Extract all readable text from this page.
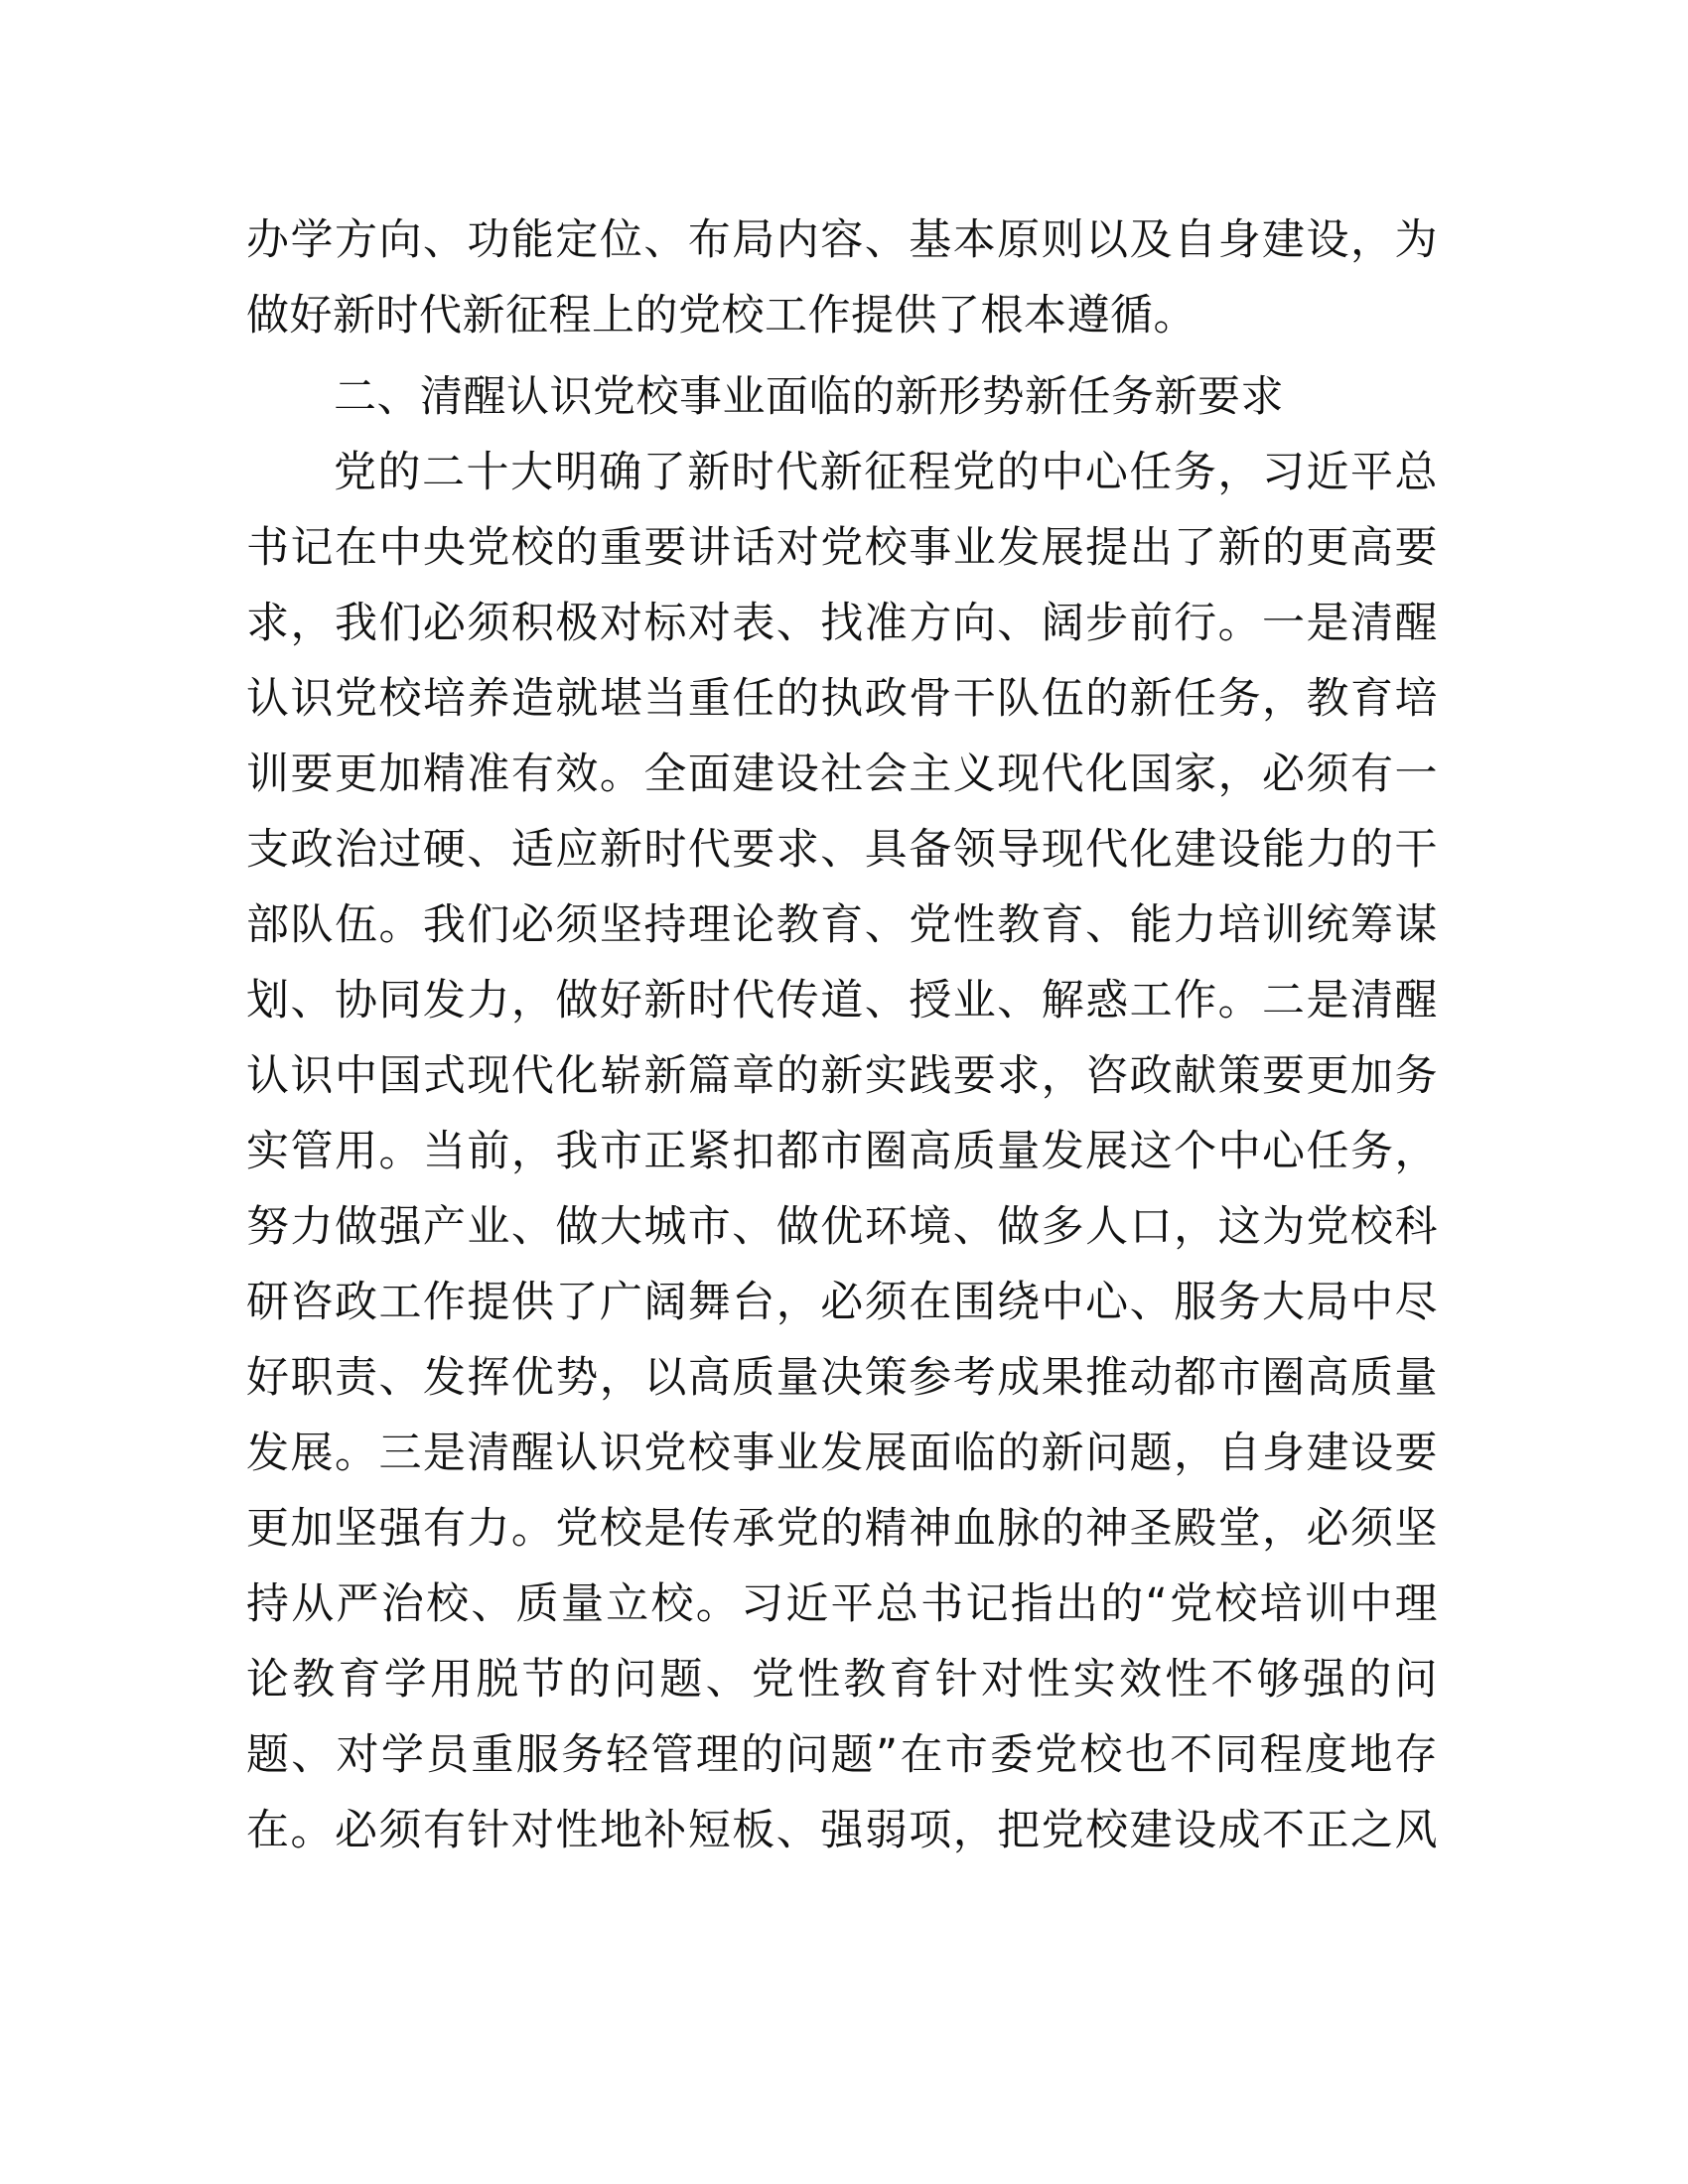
办学方向、功能定位、布局内容、基本原则以及自身建设，为
做好新时代新征程上的党校工作提供了根本遵循。
二、清醒认识党校事业面临的新形势新任务新要求
党的二十大明确了新时代新征程党的中心任务，习近平总
书记在中央党校的重要讲话对党校事业发展提出了新的更高要
求，我们必须积极对标对表、找准方向、阔步前行。一是清醒
认识党校培养造就堪当重任的执政骨干队伍的新任务，教育培
训要更加精准有效。全面建设社会主义现代化国家，必须有一
支政治过硬、适应新时代要求、具备领导现代化建设能力的干
部队伍。我们必须坚持理论教育、党性教育、能力培训统筹谋
划、协同发力，做好新时代传道、授业、解惑工作。二是清醒
认识中国式现代化崭新篇章的新实践要求，咨政献策要更加务
实管用。当前，我市正紧扣都市圈高质量发展这个中心任务，
努力做强产业、做大城市、做优环境、做多人口，这为党校科
研咨政工作提供了广阔舞台，必须在围绕中心、服务大局中尽
好职责、发挥优势，以高质量决策参考成果推动都市圈高质量
发展。三是清醒认识党校事业发展面临的新问题，自身建设要
更加坚强有力。党校是传承党的精神血脉的神圣殿堂，必须坚
持从严治校、质量立校。习近平总书记指出的“党校培训中理
论教育学用脱节的问题、党性教育针对性实效性不够强的问
题、对学员重服务轻管理的问题”在市委党校也不同程度地存
在。必须有针对性地补短板、强弱项，把党校建设成不正之风
